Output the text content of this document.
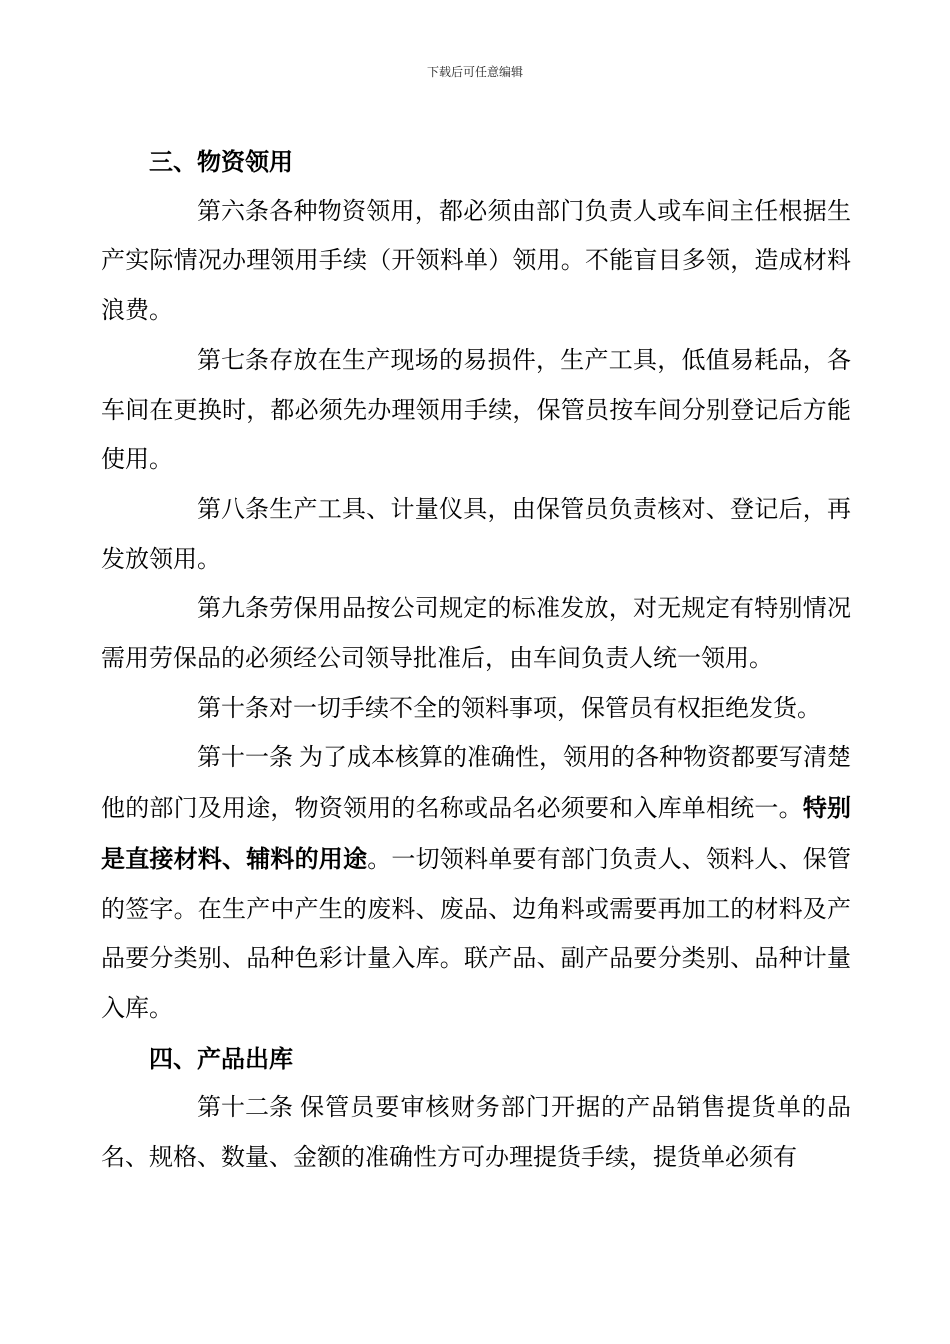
下载后可任意编辑

三、物资领用

第六条各种物资领用，都必须由部门负责人或车间主任根据生产实际情况办理领用手续（开领料单）领用。不能盲目多领，造成材料浪费。

第七条存放在生产现场的易损件，生产工具，低值易耗品，各车间在更换时，都必须先办理领用手续，保管员按车间分别登记后方能使用。

第八条生产工具、计量仪具，由保管员负责核对、登记后，再发放领用。

第九条劳保用品按公司规定的标准发放，对无规定有特别情况需用劳保品的必须经公司领导批准后，由车间负责人统一领用。

第十条对一切手续不全的领料事项，保管员有权拒绝发货。

第十一条 为了成本核算的准确性，领用的各种物资都要写清楚他的部门及用途，物资领用的名称或品名必须要和入库单相统一。特别是直接材料、辅料的用途。一切领料单要有部门负责人、领料人、保管的签字。在生产中产生的废料、废品、边角料或需要再加工的材料及产品要分类别、品种色彩计量入库。联产品、副产品要分类别、品种计量入库。

四、产品出库

第十二条 保管员要审核财务部门开据的产品销售提货单的品名、规格、数量、金额的准确性方可办理提货手续，提货单必须有
